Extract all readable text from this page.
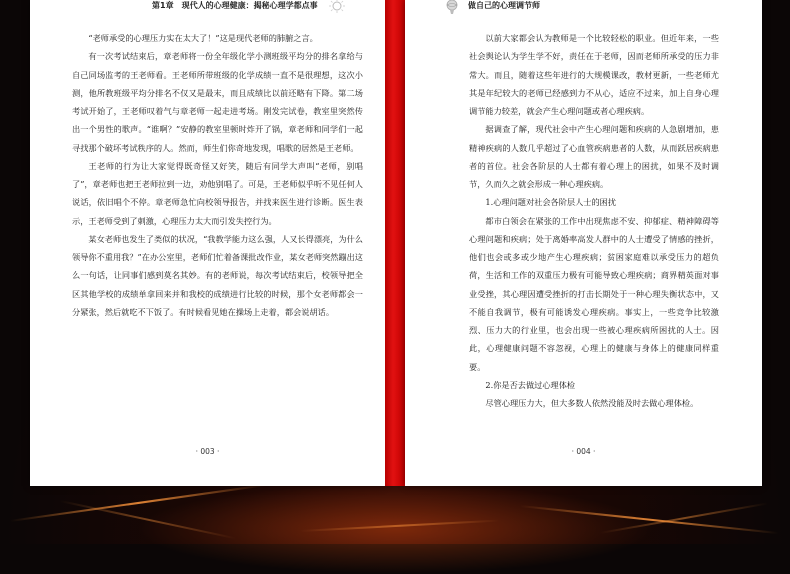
第1章　现代人的心理健康：揭秘心理学都点事

“老师承受的心理压力实在太大了！”这是现代老师的肺腑之言。

有一次考试结束后，章老师将一份全年级化学小测班级平均分的排名拿给与自己同场监考的王老师看。王老师所带班级的化学成绩一直不是很理想，这次小测，他所教班级平均分排名不仅又是最末，而且成绩比以前还略有下降。第二场考试开始了，王老师叹着气与章老师一起走进考场。刚发完试卷，教室里突然传出一个男性的歌声。“谁啊？”安静的教室里顿时炸开了锅，章老师和同学们一起寻找那个破坏考试秩序的人。然而，师生们你奇地发现，唱歌的居然是王老师。

王老师的行为让大家觉得既奇怪又好笑，随后有同学大声叫“老师，别唱了”，章老师也把王老师拉到一边，劝他别唱了。可是，王老师似乎听不见任何人说话，依旧唱个不停。章老师急忙向校领导报告，并找来医生进行诊断。医生表示，王老师受到了刺激，心理压力太大而引发失控行为。

某女老师也发生了类似的状况，“我教学能力这么强，人又长得漂亮，为什么领导你不重用我？”在办公室里，老师们忙着备课批改作业，某女老师突然蹦出这么一句话，让同事们感到莫名其妙。有的老师说，每次考试结束后，校领导把全区其他学校的成绩单拿回来并和我校的成绩进行比较的时候，那个女老师都会一分紧张，然后就吃不下饭了。有时候看见她在操场上走着，都会说胡话。

· 003 ·
做自己的心理调节师

以前大家都会认为教师是一个比较轻松的职业。但近年来，一些社会舆论认为学生学不好，责任在于老师，因而老师所承受的压力非常大。而且，随着这些年进行的大规模课改，教材更新，一些老师尤其是年纪较大的老师已经感到力不从心，适应不过来，加上自身心理调节能力较差，就会产生心理问题或者心理疾病。

据调查了解，现代社会中产生心理问题和疾病的人急剧增加，患精神疾病的人数几乎超过了心血管疾病患者的人数，从而跃居疾病患者的首位。社会各阶层的人士都有着心理上的困扰，如果不及时调节，久而久之就会形成一种心理疾病。

1.心理问题对社会各阶层人士的困扰

都市白领会在紧张的工作中出现焦虑不安、抑郁症、精神障碍等心理问题和疾病；处于离婚率高发人群中的人士遭受了情感的挫折，他们也会或多或少地产生心理疾病；贫困家庭难以承受压力的超负荷，生活和工作的双重压力极有可能导致心理疾病；商界精英面对事业受挫，其心理因遭受挫折的打击长期处于一种心理失衡状态中，又不能自我调节，极有可能诱发心理疾病。事实上，一些竞争比较激烈、压力大的行业里，也会出现一些被心理疾病所困扰的人士。因此，心理健康问题不容忽视，心理上的健康与身体上的健康同样重要。

2.你是否去做过心理体检

尽管心理压力大，但大多数人依然没能及时去做心理体检。

· 004 ·
